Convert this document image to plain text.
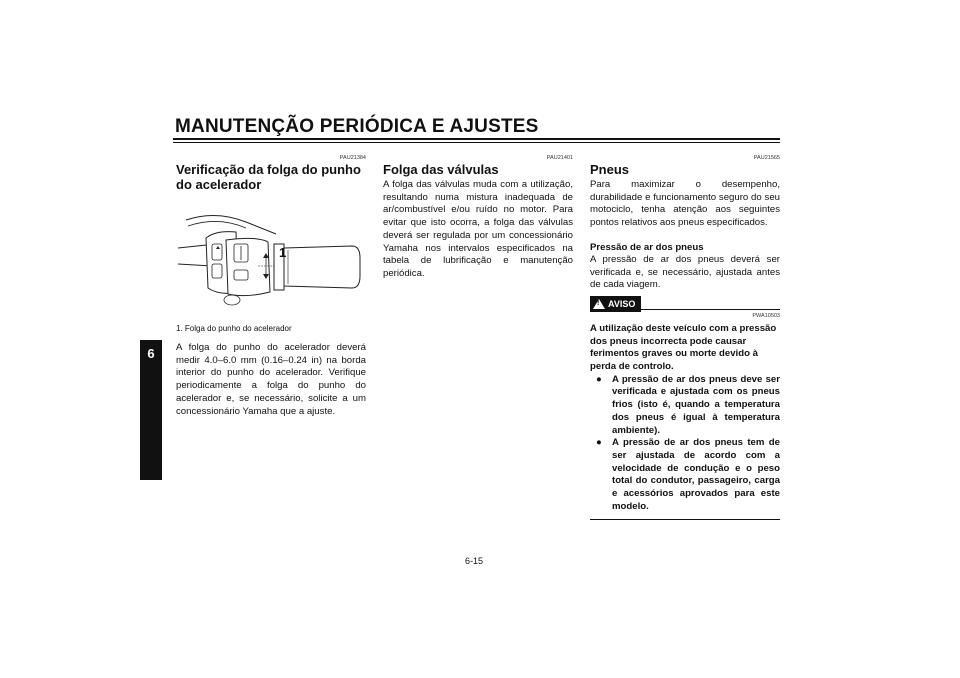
MANUTENÇÃO PERIÓDICA E AJUSTES
6
PAU21384
Verificação da folga do punho do acelerador
1
1. Folga do punho do acelerador

A folga do punho do acelerador deverá medir 4.0–6.0 mm (0.16–0.24 in) na borda interior do punho do acelerador. Verifique periodicamente a folga do punho do acelerador e, se necessário, solicite a um concessionário Yamaha que a ajuste.

PAU21401
Folga das válvulas

A folga das válvulas muda com a utilização, resultando numa mistura inadequada de ar/combustível e/ou ruído no motor. Para evitar que isto ocorra, a folga das válvulas deverá ser regulada por um concessionário Yamaha nos intervalos especificados na tabela de lubrificação e manutenção periódica.

PAU21565
Pneus

Para maximizar o desempenho, durabilidade e funcionamento seguro do seu motociclo, tenha atenção aos seguintes pontos relativos aos pneus especificados.

Pressão de ar dos pneus

A pressão de ar dos pneus deverá ser verificada e, se necessário, ajustada antes de cada viagem.

! AVISO
PWA10503

A utilização deste veículo com a pressão dos pneus incorrecta pode causar ferimentos graves ou morte devido à perda de controlo.

●	A pressão de ar dos pneus deve ser verificada e ajustada com os pneus frios (isto é, quando a temperatura dos pneus é igual à temperatura ambiente).
●	A pressão de ar dos pneus tem de ser ajustada de acordo com a velocidade de condução e o peso total do condutor, passageiro, carga e acessórios aprovados para este modelo.
6-15
